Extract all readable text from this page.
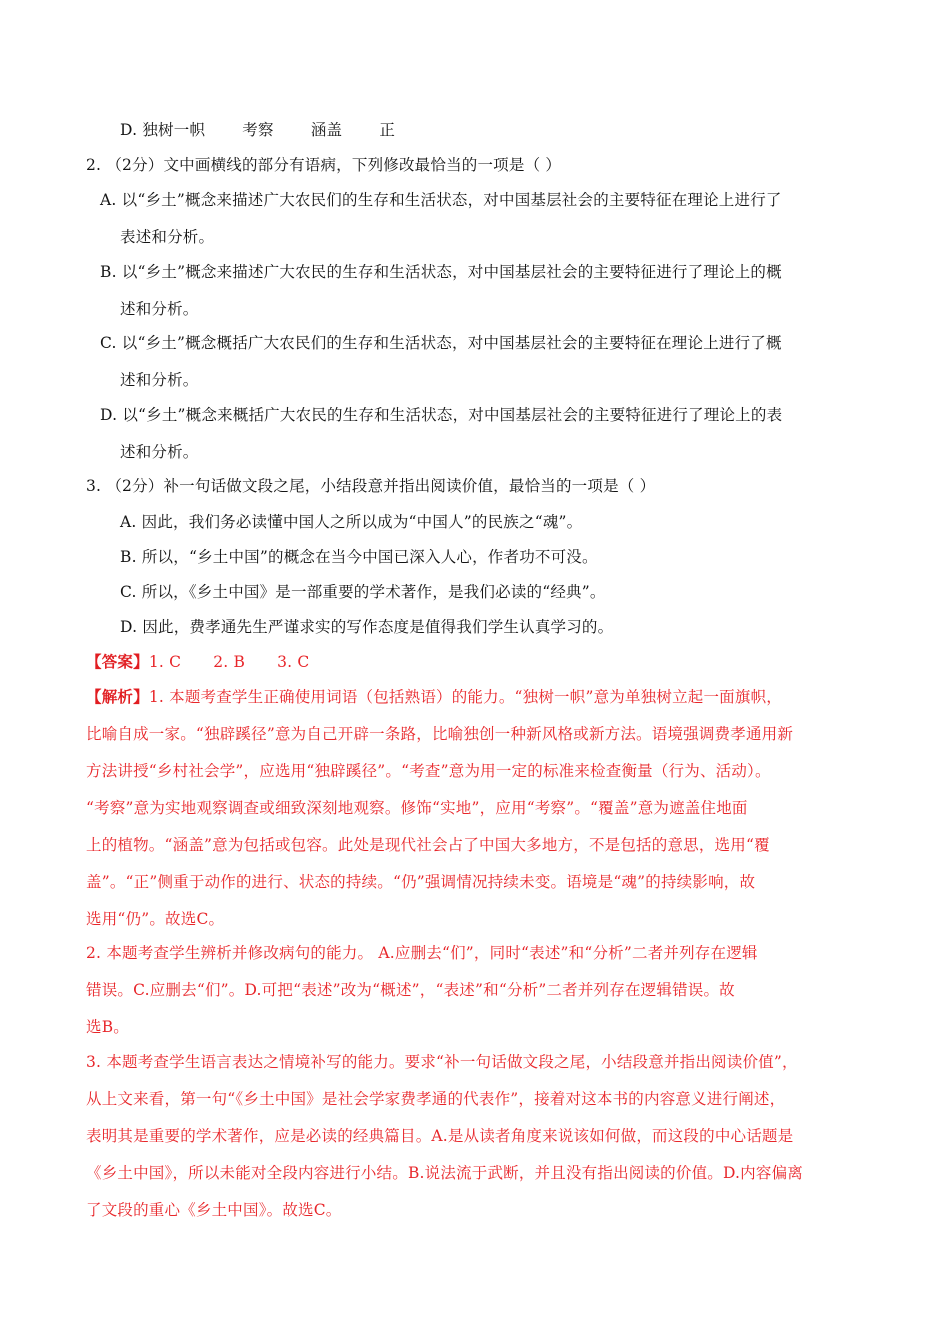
D. 独树一帜 考察 涵盖 正
2. （2分）文中画横线的部分有语病，下列修改最恰当的一项是（ ）
A. 以“乡土”概念来描述广大农民们的生存和生活状态，对中国基层社会的主要特征在理论上进行了
表述和分析。
B. 以“乡土”概念来描述广大农民的生存和生活状态，对中国基层社会的主要特征进行了理论上的概
述和分析。
C. 以“乡土”概念概括广大农民们的生存和生活状态，对中国基层社会的主要特征在理论上进行了概
述和分析。
D. 以“乡土”概念来概括广大农民的生存和生活状态，对中国基层社会的主要特征进行了理论上的表
述和分析。
3. （2分）补一句话做文段之尾，小结段意并指出阅读价值，最恰当的一项是（ ）
A. 因此，我们务必读懂中国人之所以成为“中国人”的民族之“魂”。
B. 所以，“乡土中国”的概念在当今中国已深入人心，作者功不可没。
C. 所以，《乡土中国》是一部重要的学术著作，是我们必读的“经典”。
D. 因此，费孝通先生严谨求实的写作态度是值得我们学生认真学习的。
【答案】1. C 2. B 3. C
【解析】1. 本题考查学生正确使用词语（包括熟语）的能力。“独树一帜”意为单独树立起一面旗帜，
比喻自成一家。“独辟蹊径”意为自己开辟一条路，比喻独创一种新风格或新方法。语境强调费孝通用新
方法讲授“乡村社会学”，应选用“独辟蹊径”。“考查”意为用一定的标准来检查衡量（行为、活动）。
“考察”意为实地观察调查或细致深刻地观察。修饰“实地”，应用“考察”。“覆盖”意为遮盖住地面
上的植物。“涵盖”意为包括或包容。此处是现代社会占了中国大多地方，不是包括的意思，选用“覆
盖”。“正”侧重于动作的进行、状态的持续。“仍”强调情况持续未变。语境是“魂”的持续影响，故
选用“仍”。故选C。
2. 本题考查学生辨析并修改病句的能力。 A.应删去“们”，同时“表述”和“分析”二者并列存在逻辑
错误。C.应删去“们”。D.可把“表述”改为“概述”，“表述”和“分析”二者并列存在逻辑错误。故
选B。
3. 本题考查学生语言表达之情境补写的能力。要求“补一句话做文段之尾，小结段意并指出阅读价值”，
从上文来看，第一句“《乡土中国》是社会学家费孝通的代表作”，接着对这本书的内容意义进行阐述，
表明其是重要的学术著作，应是必读的经典篇目。A.是从读者角度来说该如何做，而这段的中心话题是
《乡土中国》，所以未能对全段内容进行小结。B.说法流于武断，并且没有指出阅读的价值。D.内容偏离
了文段的重心《乡土中国》。故选C。
